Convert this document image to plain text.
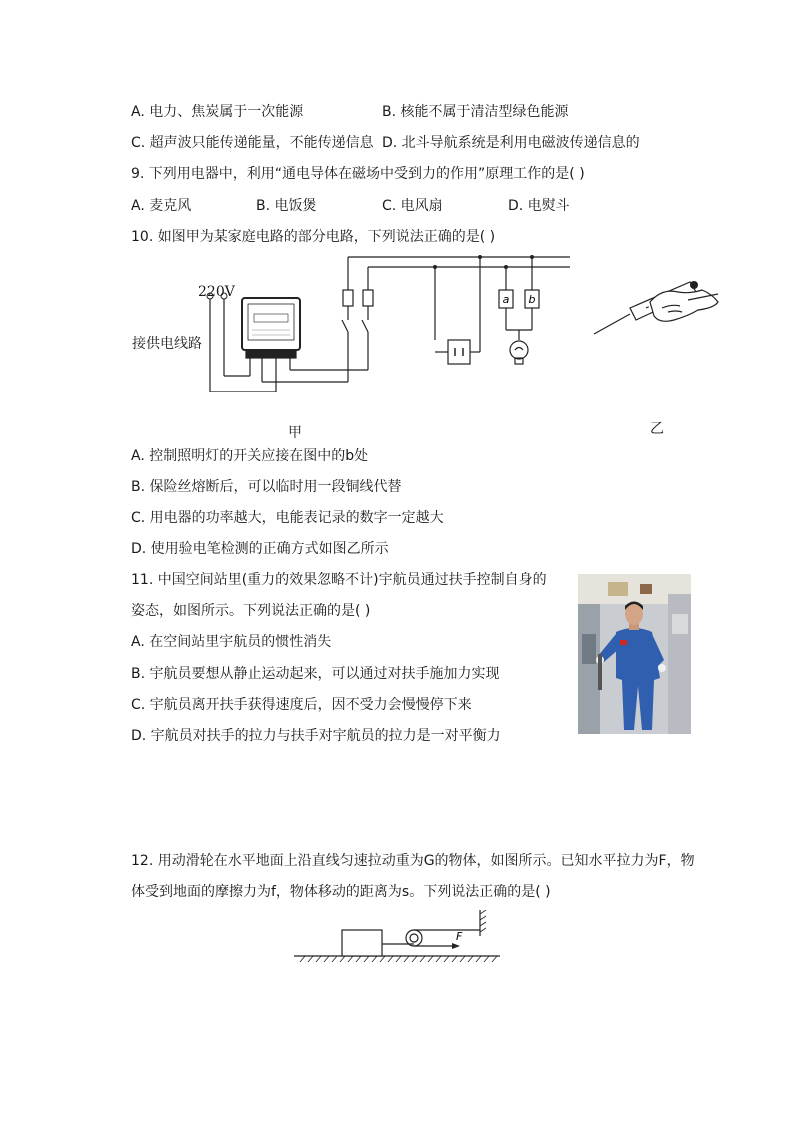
A. 电力、焦炭属于一次能源	B. 核能不属于清洁型绿色能源
C. 超声波只能传递能量，不能传递信息 D. 北斗导航系统是利用电磁波传递信息的
9. 下列用电器中，利用“通电导体在磁场中受到力的作用”原理工作的是( )
A. 麦克风	B. 电饭煲	C. 电风扇	D. 电熨斗
10. 如图甲为某家庭电路的部分电路，下列说法正确的是( )
a b
220V
接供电线路
甲	乙
A. 控制照明灯的开关应接在图中的b处
B. 保险丝熔断后，可以临时用一段铜线代替
C. 用电器的功率越大，电能表记录的数字一定越大
D. 使用验电笔检测的正确方式如图乙所示
11. 中国空间站里(重力的效果忽略不计)宇航员通过扶手控制自身的
姿态，如图所示。下列说法正确的是( )
A. 在空间站里宇航员的惯性消失
B. 宇航员要想从静止运动起来，可以通过对扶手施加力实现
C. 宇航员离开扶手获得速度后，因不受力会慢慢停下来
D. 宇航员对扶手的拉力与扶手对宇航员的拉力是一对平衡力
12. 用动滑轮在水平地面上沿直线匀速拉动重为G的物体，如图所示。已知水平拉力为F，物
体受到地面的摩擦力为f，物体移动的距离为s。下列说法正确的是( )
F
